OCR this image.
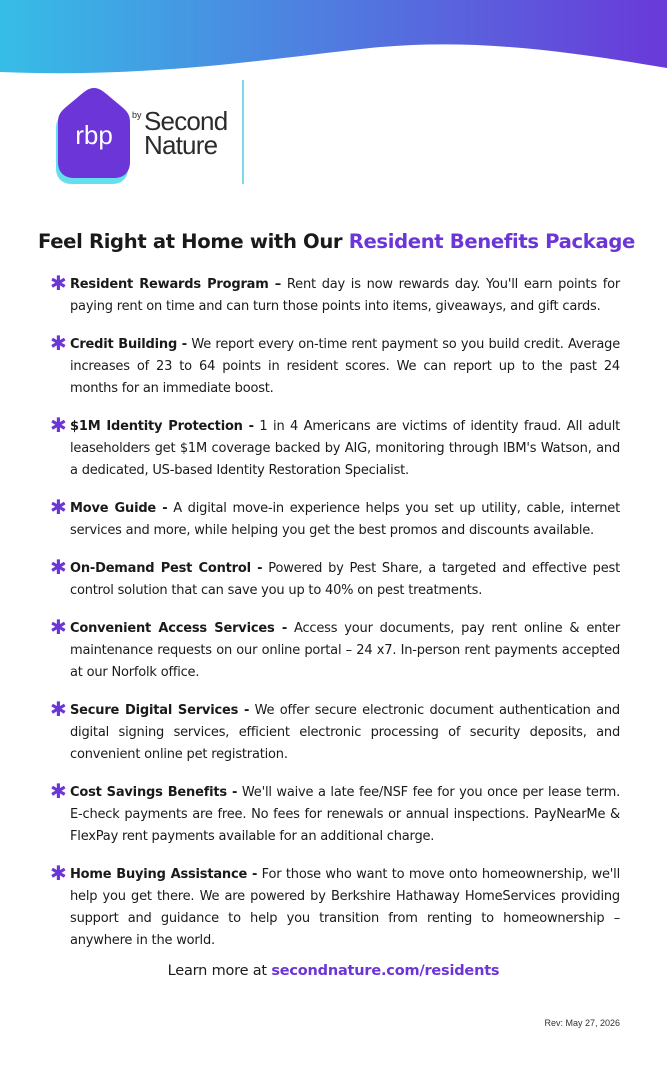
rbp
by Second
Nature
Feel Right at Home with Our Resident Benefits Package
✱ Resident Rewards Program – Rent day is now rewards day. You'll earn points for paying rent on time and can turn those points into items, giveaways, and gift cards.
✱ Credit Building - We report every on-time rent payment so you build credit. Average increases of 23 to 64 points in resident scores. We can report up to the past 24 months for an immediate boost.
✱ $1M Identity Protection - 1 in 4 Americans are victims of identity fraud. All adult leaseholders get $1M coverage backed by AIG, monitoring through IBM's Watson, and a dedicated, US-based Identity Restoration Specialist.
✱ Move Guide - A digital move-in experience helps you set up utility, cable, internet services and more, while helping you get the best promos and discounts available.
✱ On-Demand Pest Control - Powered by Pest Share, a targeted and effective pest control solution that can save you up to 40% on pest treatments.
✱ Convenient Access Services - Access your documents, pay rent online & enter maintenance requests on our online portal – 24 x7. In-person rent payments accepted at our Norfolk office.
✱ Secure Digital Services - We offer secure electronic document authentication and digital signing services, efficient electronic processing of security deposits, and convenient online pet registration.
✱ Cost Savings Benefits - We'll waive a late fee/NSF fee for you once per lease term. E-check payments are free. No fees for renewals or annual inspections. PayNearMe & FlexPay rent payments available for an additional charge.
✱ Home Buying Assistance - For those who want to move onto homeownership, we'll help you get there. We are powered by Berkshire Hathaway HomeServices providing support and guidance to help you transition from renting to homeownership – anywhere in the world.
Learn more at secondnature.com/residents
Rev: May 27, 2026
